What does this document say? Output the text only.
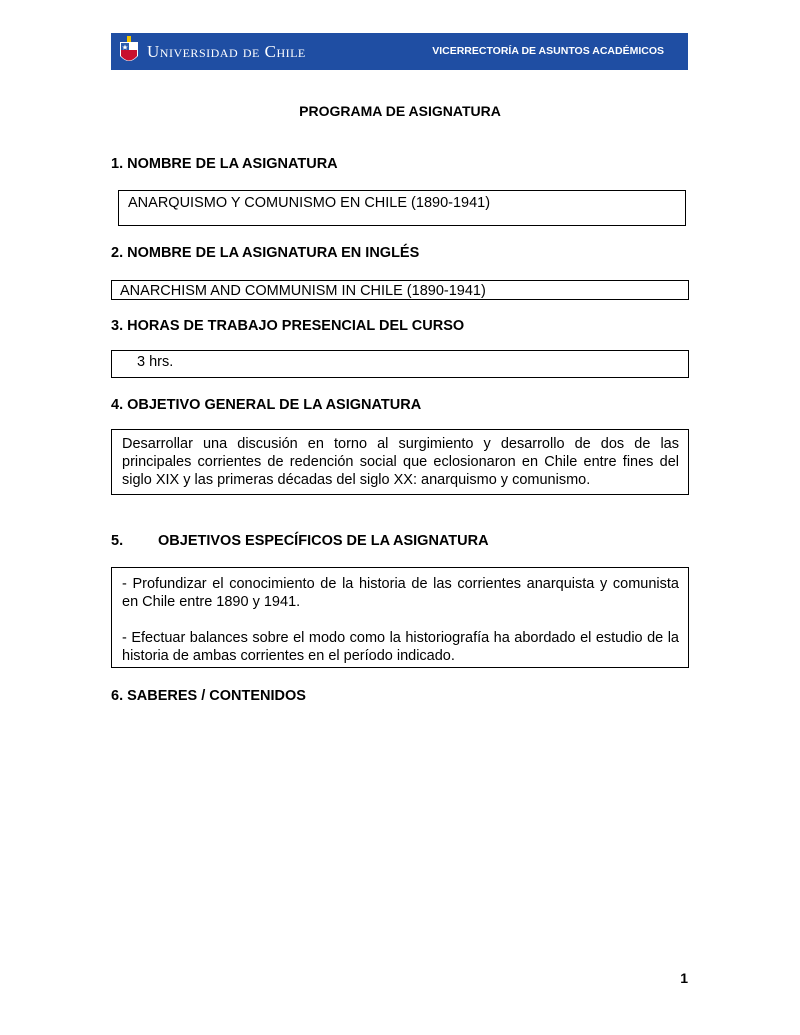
Universidad de Chile	VICERRECTORÍA DE ASUNTOS ACADÉMICOS
PROGRAMA DE ASIGNATURA
1. NOMBRE DE LA ASIGNATURA
ANARQUISMO Y COMUNISMO EN CHILE (1890-1941)
2. NOMBRE DE LA ASIGNATURA EN INGLÉS
ANARCHISM AND COMMUNISM IN CHILE (1890-1941)
3. HORAS DE TRABAJO PRESENCIAL DEL CURSO
3 hrs.
4. OBJETIVO GENERAL DE LA ASIGNATURA

Desarrollar una discusión en torno al surgimiento y desarrollo de dos de las principales corrientes de redención social que eclosionaron en Chile entre fines del siglo XIX y las primeras décadas del siglo XX: anarquismo y comunismo.

5. OBJETIVOS ESPECÍFICOS DE LA ASIGNATURA

- Profundizar el conocimiento de la historia de las corrientes anarquista y comunista en Chile entre 1890 y 1941.

- Efectuar balances sobre el modo como la historiografía ha abordado el estudio de la historia de ambas corrientes en el período indicado.

6. SABERES / CONTENIDOS
1
